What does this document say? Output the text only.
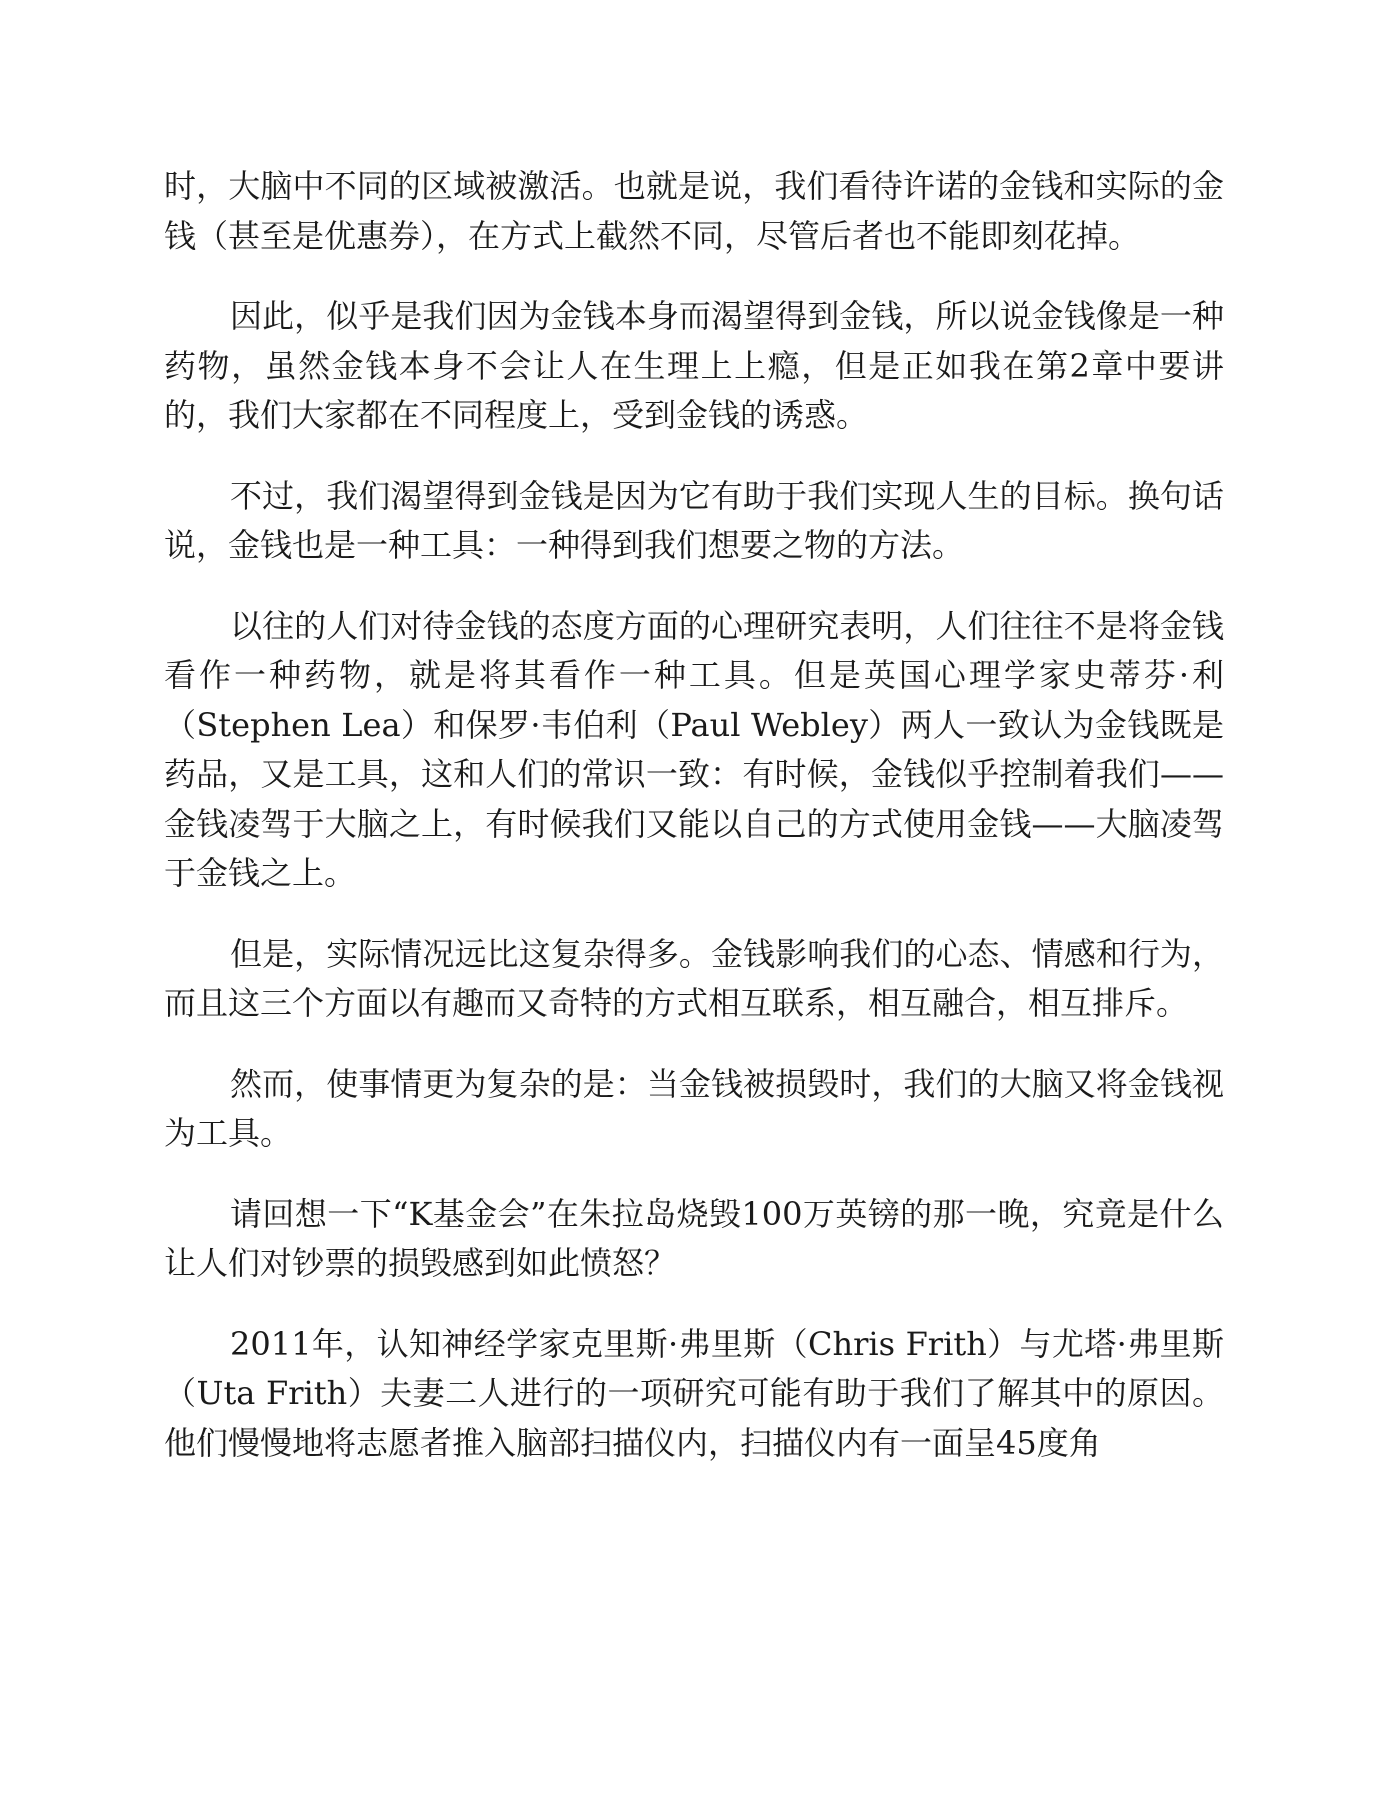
时，大脑中不同的区域被激活。也就是说，我们看待许诺的金钱和实际的金钱（甚至是优惠券），在方式上截然不同，尽管后者也不能即刻花掉。

因此，似乎是我们因为金钱本身而渴望得到金钱，所以说金钱像是一种药物，虽然金钱本身不会让人在生理上上瘾，但是正如我在第2章中要讲的，我们大家都在不同程度上，受到金钱的诱惑。

不过，我们渴望得到金钱是因为它有助于我们实现人生的目标。换句话说，金钱也是一种工具：一种得到我们想要之物的方法。

以往的人们对待金钱的态度方面的心理研究表明，人们往往不是将金钱看作一种药物，就是将其看作一种工具。但是英国心理学家史蒂芬·利（Stephen Lea）和保罗·韦伯利（Paul Webley）两人一致认为金钱既是药品，又是工具，这和人们的常识一致：有时候，金钱似乎控制着我们——金钱凌驾于大脑之上，有时候我们又能以自己的方式使用金钱——大脑凌驾于金钱之上。

但是，实际情况远比这复杂得多。金钱影响我们的心态、情感和行为，而且这三个方面以有趣而又奇特的方式相互联系，相互融合，相互排斥。

然而，使事情更为复杂的是：当金钱被损毁时，我们的大脑又将金钱视为工具。

请回想一下“K基金会”在朱拉岛烧毁100万英镑的那一晚，究竟是什么让人们对钞票的损毁感到如此愤怒？

2011年，认知神经学家克里斯·弗里斯（Chris Frith）与尤塔·弗里斯（Uta Frith）夫妻二人进行的一项研究可能有助于我们了解其中的原因。他们慢慢地将志愿者推入脑部扫描仪内，扫描仪内有一面呈45度角
